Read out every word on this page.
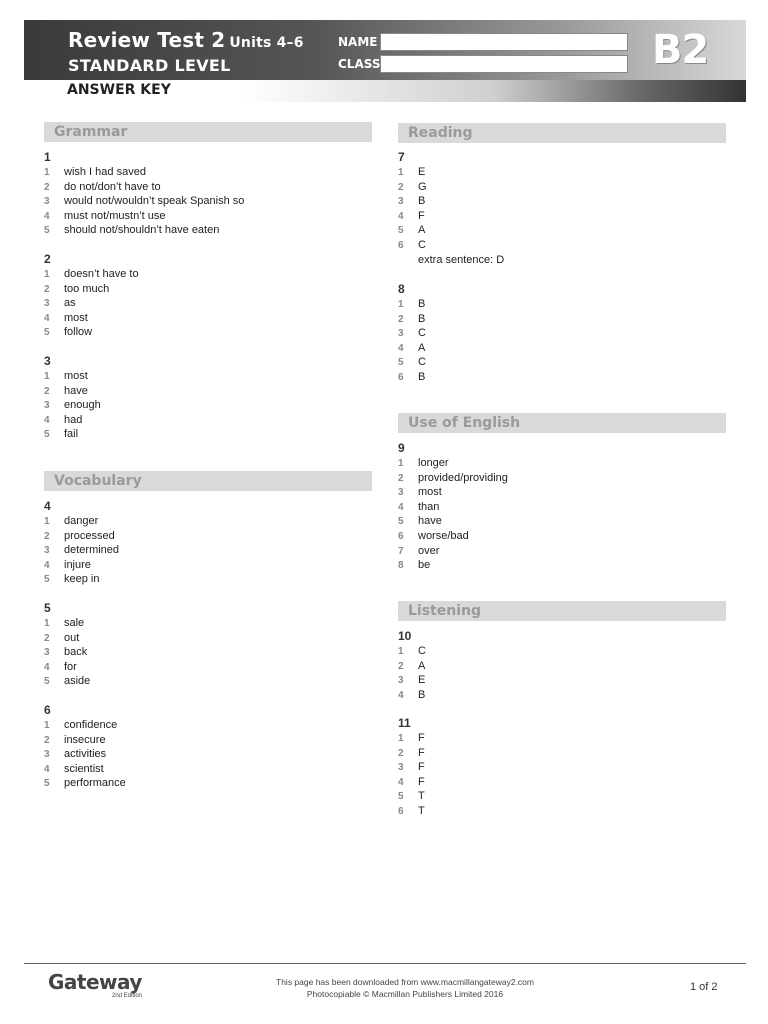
Review Test 2 Units 4–6
STANDARD LEVEL
ANSWER KEY
NAME
CLASS	B2
Grammar
1
1 wish I had saved
2 do not/don’t have to
3 would not/wouldn’t speak Spanish so
4 must not/mustn’t use
5 should not/shouldn’t have eaten
2
1 doesn’t have to
2 too much
3 as
4 most
5 follow
3
1 most
2 have
3 enough
4 had
5 fail
Vocabulary
4
1 danger
2 processed
3 determined
4 injure
5 keep in
5
1 sale
2 out
3 back
4 for
5 aside
6
1 confidence
2 insecure
3 activities
4 scientist
5 performance
Reading
7
1 E
2 G
3 B
4 F
5 A
6 C
extra sentence: D
8
1 B
2 B
3 C
4 A
5 C
6 B
Use of English
9
1 longer
2 provided/providing
3 most
4 than
5 have
6 worse/bad
7 over
8 be
Listening
10
1 C
2 A
3 E
4 B
11
1 F
2 F
3 F
4 F
5 T
6 T
Gateway
2nd Edition
This page has been downloaded from www.macmillangateway2.com
Photocopiable © Macmillan Publishers Limited 2016
1 of 2
